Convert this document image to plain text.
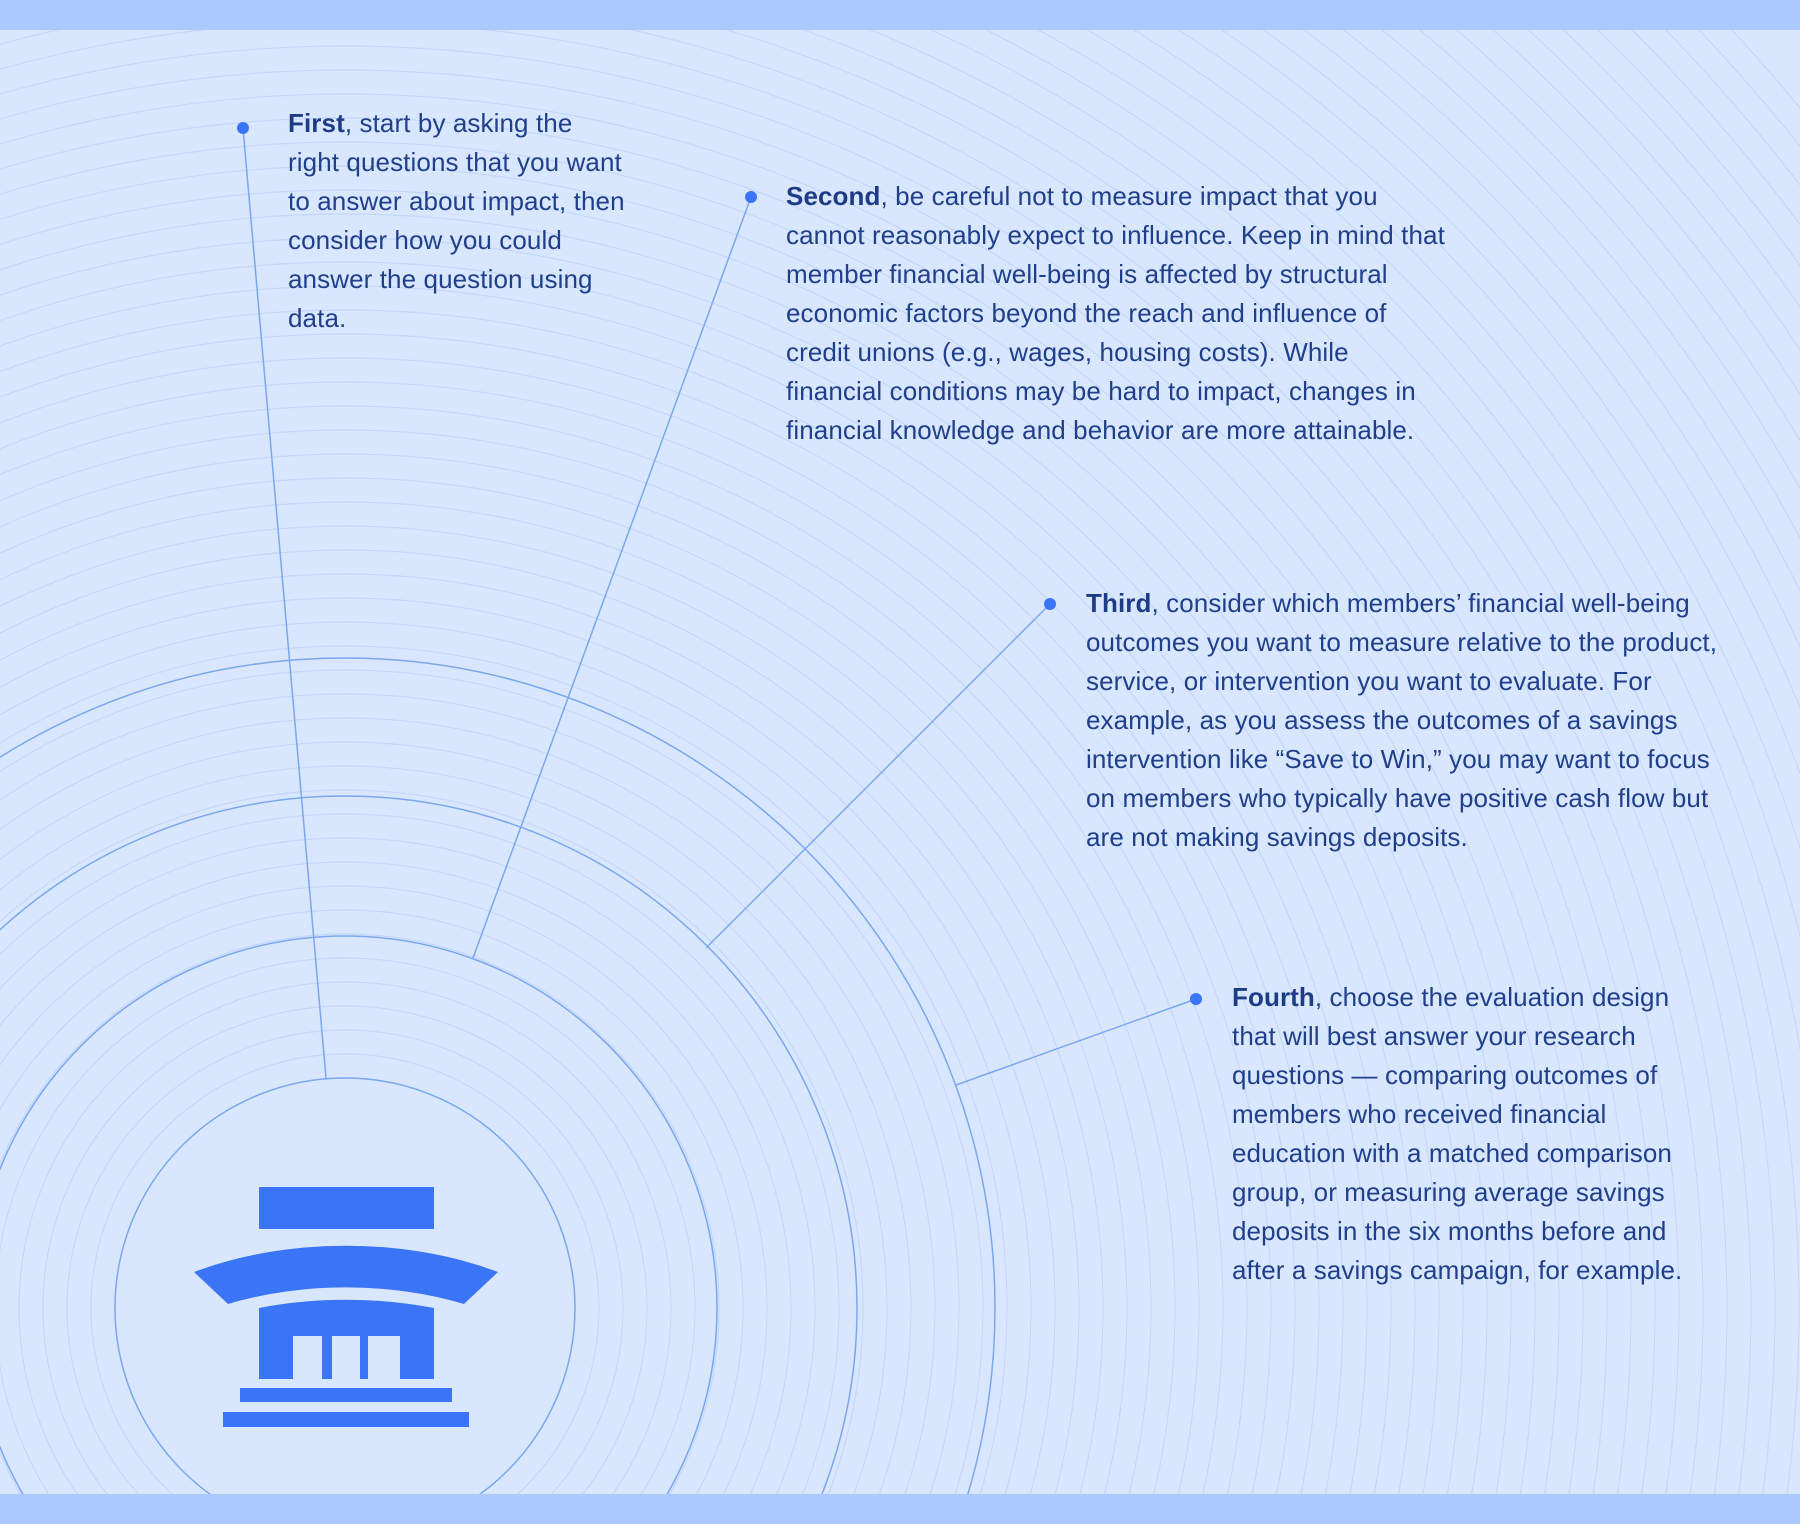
First, start by asking the right questions that you want to answer about impact, then consider how you could answer the question using data.
Second, be careful not to measure impact that you cannot reasonably expect to influence. Keep in mind that member financial well-being is affected by structural economic factors beyond the reach and influence of credit unions (e.g., wages, housing costs). While financial conditions may be hard to impact, changes in financial knowledge and behavior are more attainable.
Third, consider which members’ financial well-being outcomes you want to measure relative to the product, service, or intervention you want to evaluate. For example, as you assess the outcomes of a savings intervention like “Save to Win,” you may want to focus on members who typically have positive cash flow but are not making savings deposits.
Fourth, choose the evaluation design that will best answer your research questions — comparing outcomes of members who received financial education with a matched comparison group, or measuring average savings deposits in the six months before and after a savings campaign, for example.
